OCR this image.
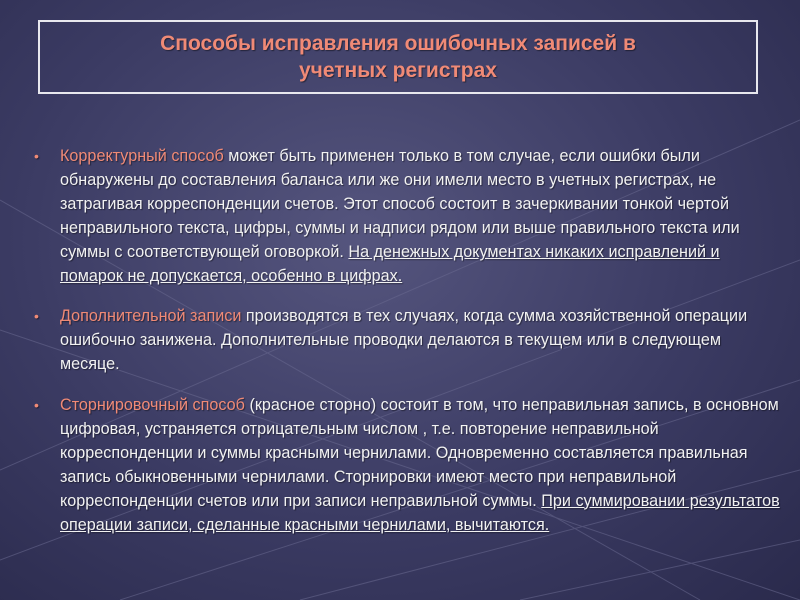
Способы исправления ошибочных записей в
учетных регистрах

• Корректурный способ может быть применен только в том случае, если ошибки были обнаружены до составления баланса или же они имели место в учетных регистрах, не затрагивая корреспонденции счетов. Этот способ состоит в зачеркивании тонкой чертой неправильного текста, цифры, суммы и надписи рядом или выше правильного текста или суммы с соответствующей оговоркой. На денежных документах никаких исправлений и помарок не допускается, особенно в цифрах.

• Дополнительной записи производятся в тех случаях, когда сумма хозяйственной операции ошибочно занижена. Дополнительные проводки делаются в текущем или в следующем месяце.

• Сторнировочный способ (красное сторно) состоит в том, что неправильная запись, в основном цифровая, устраняется отрицательным числом , т.е. повторение неправильной корреспонденции и суммы красными чернилами. Одновременно составляется правильная запись обыкновенными чернилами. Сторнировки имеют место при неправильной корреспонденции счетов или при записи неправильной суммы. При суммировании результатов операции записи, сделанные красными чернилами, вычитаются.
